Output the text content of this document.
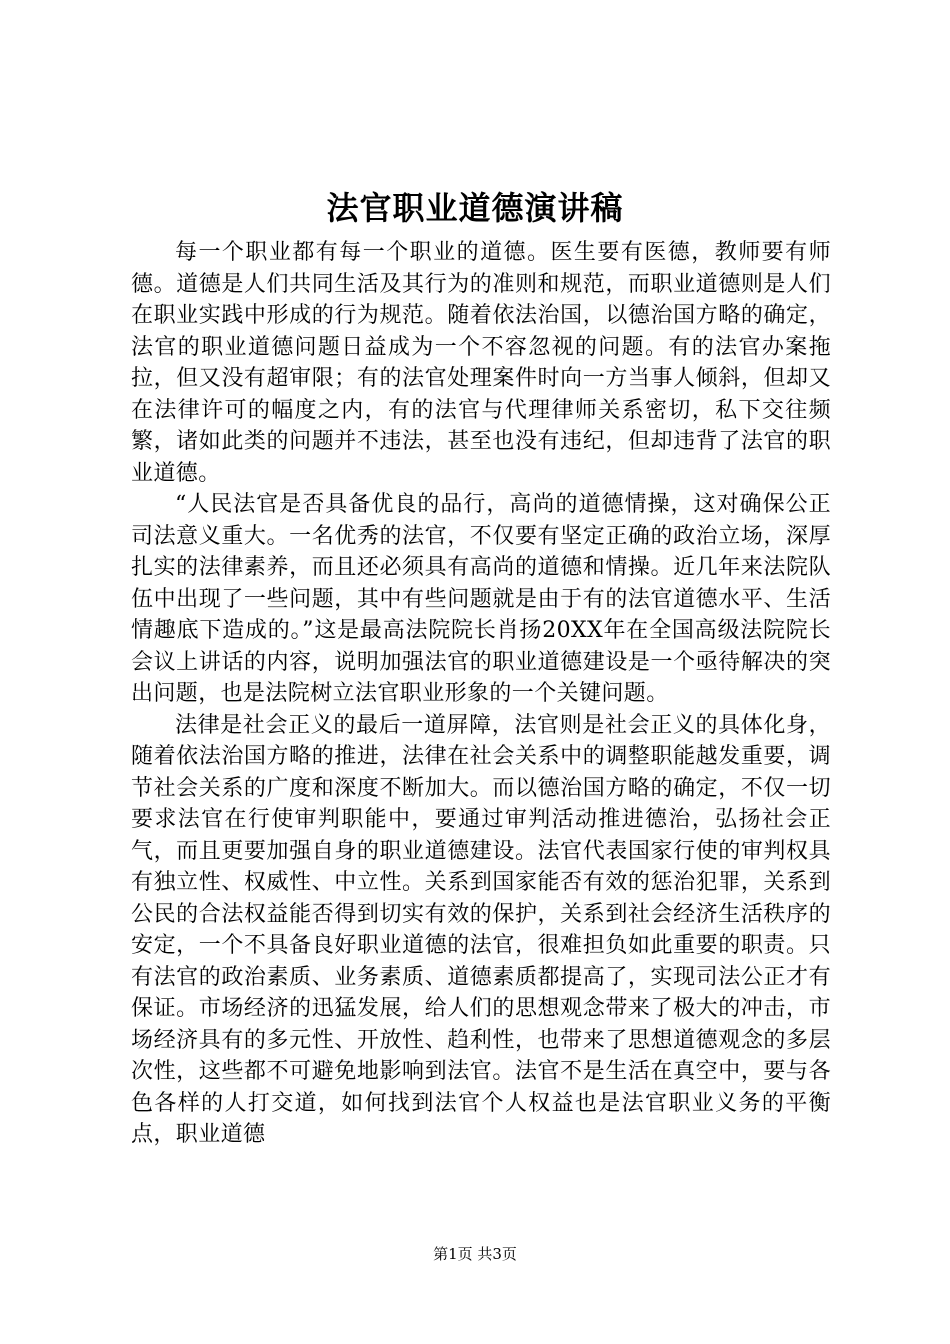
法官职业道德演讲稿

每一个职业都有每一个职业的道德。医生要有医德，教师要有师德。道德是人们共同生活及其行为的准则和规范，而职业道德则是人们在职业实践中形成的行为规范。随着依法治国，以德治国方略的确定，法官的职业道德问题日益成为一个不容忽视的问题。有的法官办案拖拉，但又没有超审限；有的法官处理案件时向一方当事人倾斜，但却又在法律许可的幅度之内，有的法官与代理律师关系密切，私下交往频繁，诸如此类的问题并不违法，甚至也没有违纪，但却违背了法官的职业道德。

“人民法官是否具备优良的品行，高尚的道德情操，这对确保公正司法意义重大。一名优秀的法官，不仅要有坚定正确的政治立场，深厚扎实的法律素养，而且还必须具有高尚的道德和情操。近几年来法院队伍中出现了一些问题，其中有些问题就是由于有的法官道德水平、生活情趣底下造成的。”这是最高法院院长肖扬20XX年在全国高级法院院长会议上讲话的内容，说明加强法官的职业道德建设是一个亟待解决的突出问题，也是法院树立法官职业形象的一个关键问题。

法律是社会正义的最后一道屏障，法官则是社会正义的具体化身，随着依法治国方略的推进，法律在社会关系中的调整职能越发重要，调节社会关系的广度和深度不断加大。而以德治国方略的确定，不仅一切要求法官在行使审判职能中，要通过审判活动推进德治，弘扬社会正气，而且更要加强自身的职业道德建设。法官代表国家行使的审判权具有独立性、权威性、中立性。关系到国家能否有效的惩治犯罪，关系到公民的合法权益能否得到切实有效的保护，关系到社会经济生活秩序的安定，一个不具备良好职业道德的法官，很难担负如此重要的职责。只有法官的政治素质、业务素质、道德素质都提高了，实现司法公正才有保证。市场经济的迅猛发展，给人们的思想观念带来了极大的冲击，市场经济具有的多元性、开放性、趋利性，也带来了思想道德观念的多层次性，这些都不可避免地影响到法官。法官不是生活在真空中，要与各色各样的人打交道，如何找到法官个人权益也是法官职业义务的平衡点，职业道德

第1页 共3页
